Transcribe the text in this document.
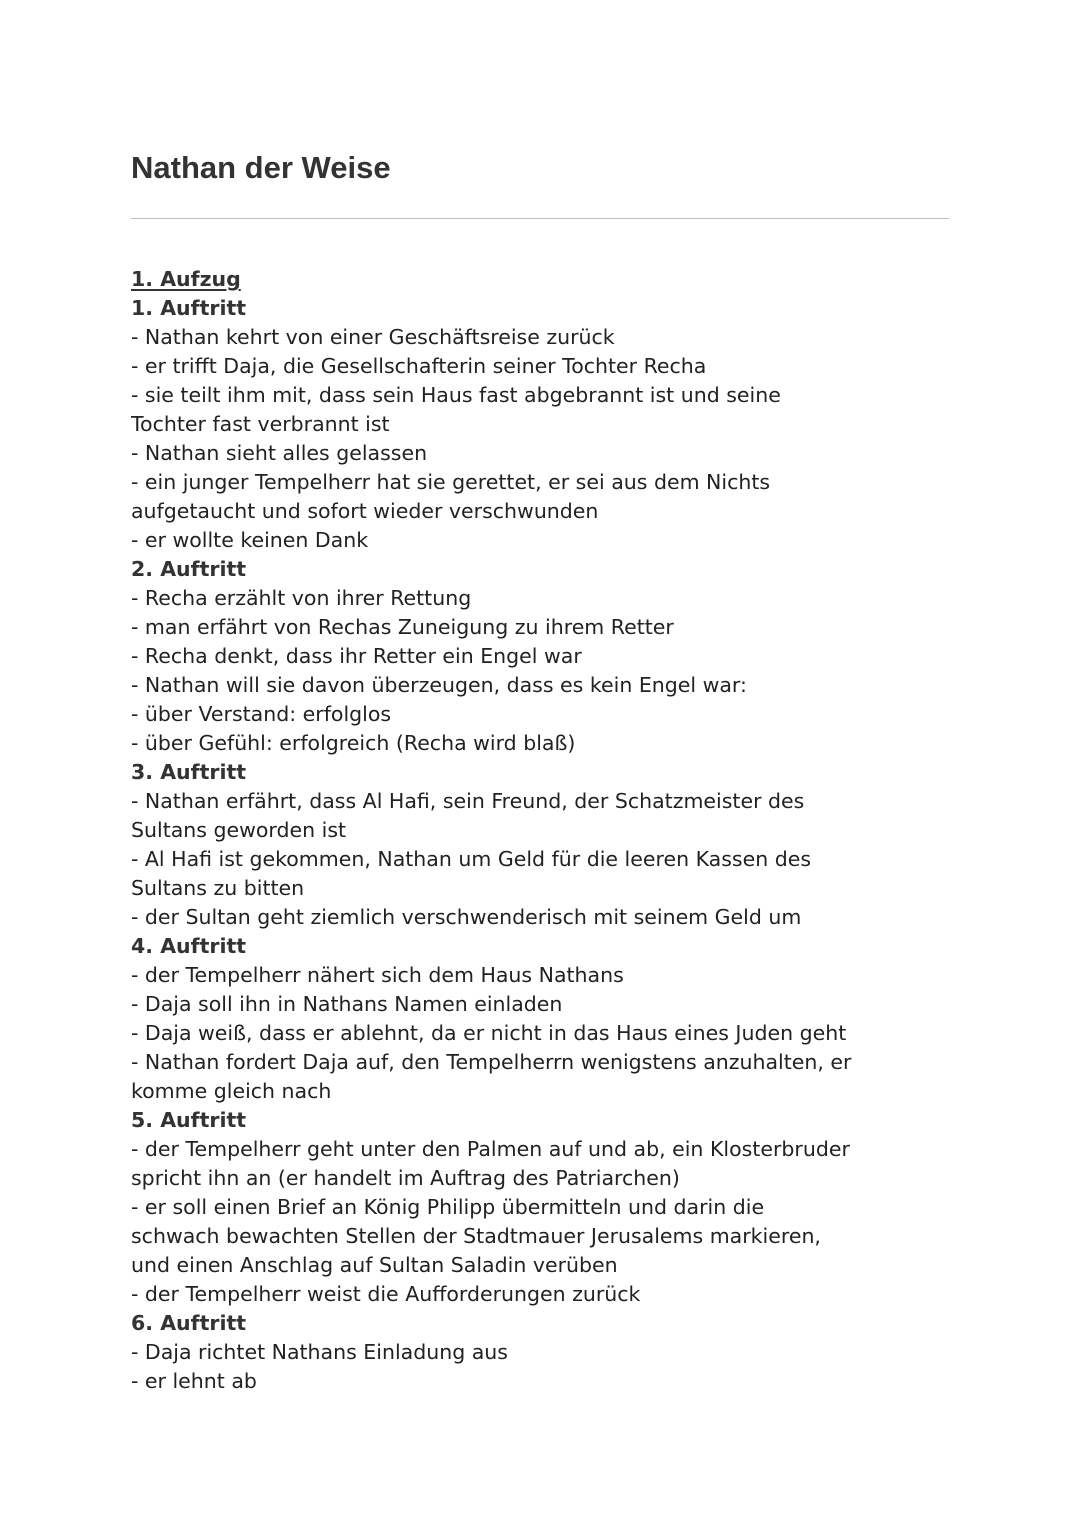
Nathan der Weise
1. Aufzug
1. Auftritt
- Nathan kehrt von einer Geschäftsreise zurück
- er trifft Daja, die Gesellschafterin seiner Tochter Recha
- sie teilt ihm mit, dass sein Haus fast abgebrannt ist und seine
Tochter fast verbrannt ist
- Nathan sieht alles gelassen
- ein junger Tempelherr hat sie gerettet, er sei aus dem Nichts
aufgetaucht und sofort wieder verschwunden
- er wollte keinen Dank
2. Auftritt
- Recha erzählt von ihrer Rettung
- man erfährt von Rechas Zuneigung zu ihrem Retter
- Recha denkt, dass ihr Retter ein Engel war
- Nathan will sie davon überzeugen, dass es kein Engel war:
- über Verstand: erfolglos
- über Gefühl: erfolgreich (Recha wird blaß)
3. Auftritt
- Nathan erfährt, dass Al Hafi, sein Freund, der Schatzmeister des
Sultans geworden ist
- Al Hafi ist gekommen, Nathan um Geld für die leeren Kassen des
Sultans zu bitten
- der Sultan geht ziemlich verschwenderisch mit seinem Geld um
4. Auftritt
- der Tempelherr nähert sich dem Haus Nathans
- Daja soll ihn in Nathans Namen einladen
- Daja weiß, dass er ablehnt, da er nicht in das Haus eines Juden geht
- Nathan fordert Daja auf, den Tempelherrn wenigstens anzuhalten, er
komme gleich nach
5. Auftritt
- der Tempelherr geht unter den Palmen auf und ab, ein Klosterbruder
spricht ihn an (er handelt im Auftrag des Patriarchen)
- er soll einen Brief an König Philipp übermitteln und darin die
schwach bewachten Stellen der Stadtmauer Jerusalems markieren,
und einen Anschlag auf Sultan Saladin verüben
- der Tempelherr weist die Aufforderungen zurück
6. Auftritt
- Daja richtet Nathans Einladung aus
- er lehnt ab
